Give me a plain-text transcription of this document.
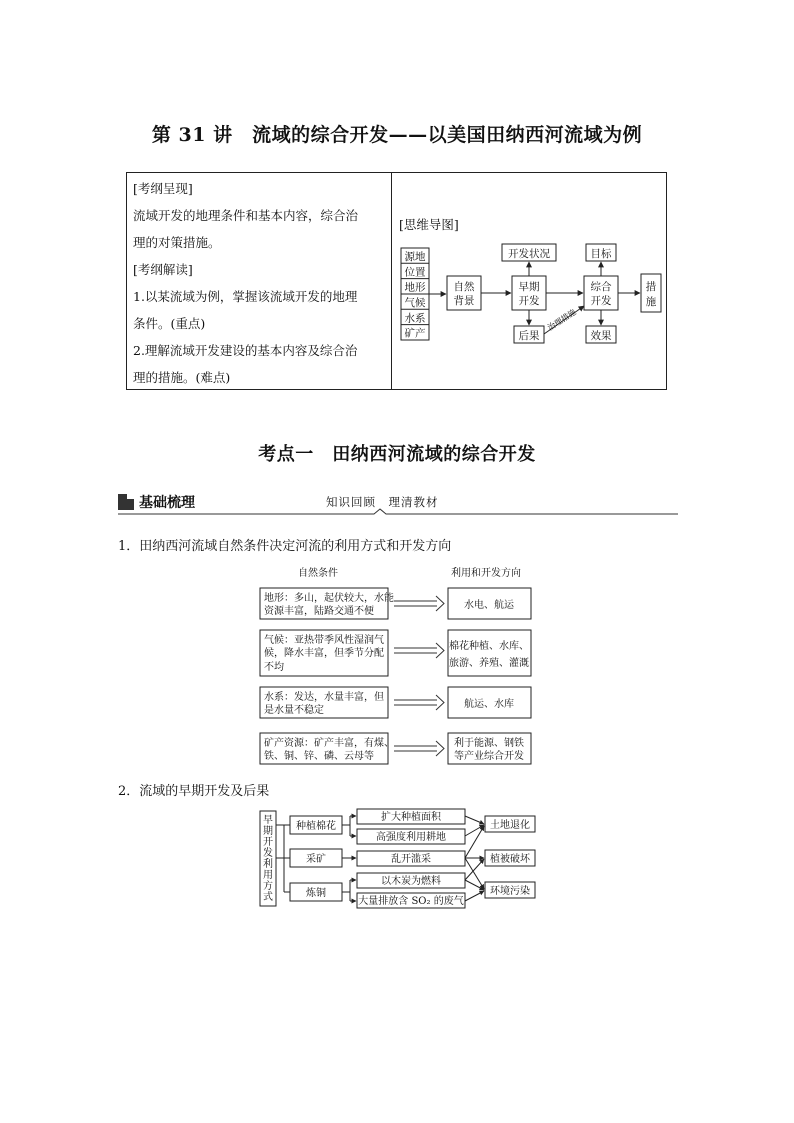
第 31 讲　流域的综合开发——以美国田纳西河流域为例
[考纲呈现]
流域开发的地理条件和基本内容，综合治
理的对策措施。
[考纲解读]
1.以某流域为例，掌握该流域开发的地理
条件。(重点)
2.理解流域开发建设的基本内容及综合治
理的措施。(难点)
[思维导图]
源地
位置
地形
气候
水系
矿产
自然
背景
早期
开发
开发状况
后果
治理措施
综合
开发
目标
效果
措
施
考点一　田纳西河流域的综合开发
基础梳理	知识回顾　理清教材
1．田纳西河流域自然条件决定河流的利用方式和开发方向
自然条件	利用和开发方向
地形：多山，起伏较大，水能
资源丰富，陆路交通不便
水电、航运
气候：亚热带季风性湿润气
候，降水丰富，但季节分配
不均
棉花种植、水库、
旅游、养殖、灌溉
水系：发达，水量丰富，但
是水量不稳定
航运、水库
矿产资源：矿产丰富，有煤、
铁、铜、锌、磷、云母等
利于能源、钢铁
等产业综合开发
2．流域的早期开发及后果
早
期
开
发
利
用
方
式
种植棉花
采矿
炼铜
扩大种植面积
高强度利用耕地
乱开滥采
以木炭为燃料
大量排放含 SO₂ 的废气
土地退化
植被破坏
环境污染
